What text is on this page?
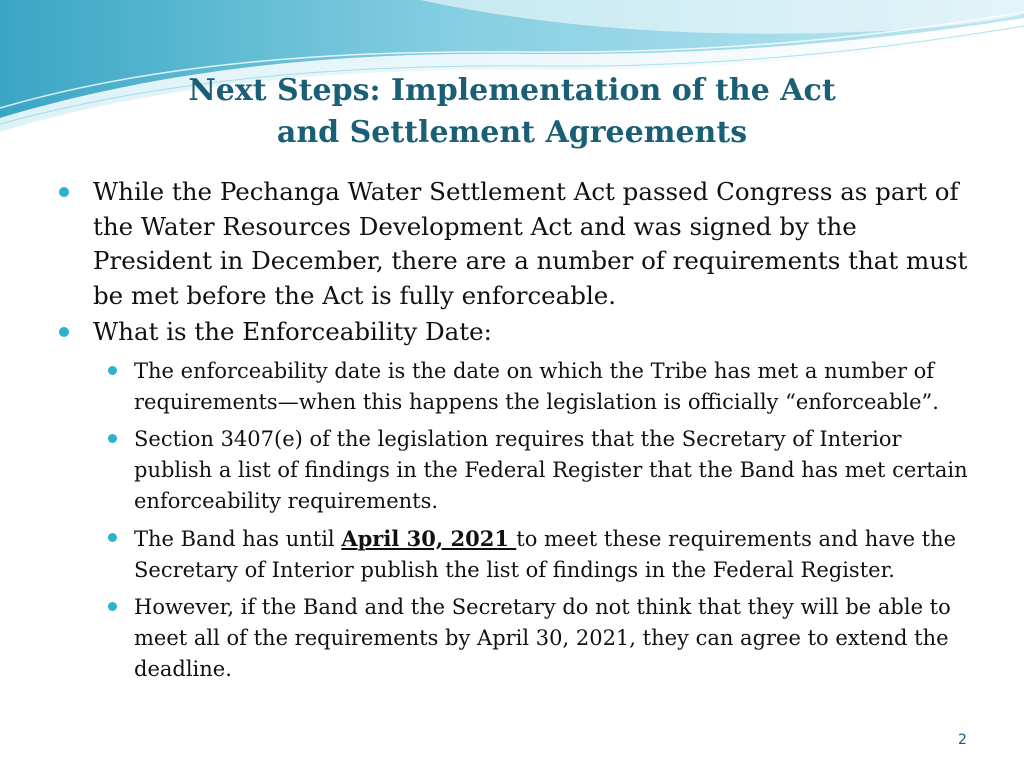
Next Steps: Implementation of the Act
and Settlement Agreements
While the Pechanga Water Settlement Act passed Congress as part of the Water Resources Development Act and was signed by the President in December, there are a number of requirements that must be met before the Act is fully enforceable.
What is the Enforceability Date:
The enforceability date is the date on which the Tribe has met a number of requirements—when this happens the legislation is officially “enforceable”.
Section 3407(e) of the legislation requires that the Secretary of Interior publish a list of findings in the Federal Register that the Band has met certain enforceability requirements.
The Band has until April 30, 2021 to meet these requirements and have the Secretary of Interior publish the list of findings in the Federal Register.
However, if the Band and the Secretary do not think that they will be able to meet all of the requirements by April 30, 2021, they can agree to extend the deadline.
2
